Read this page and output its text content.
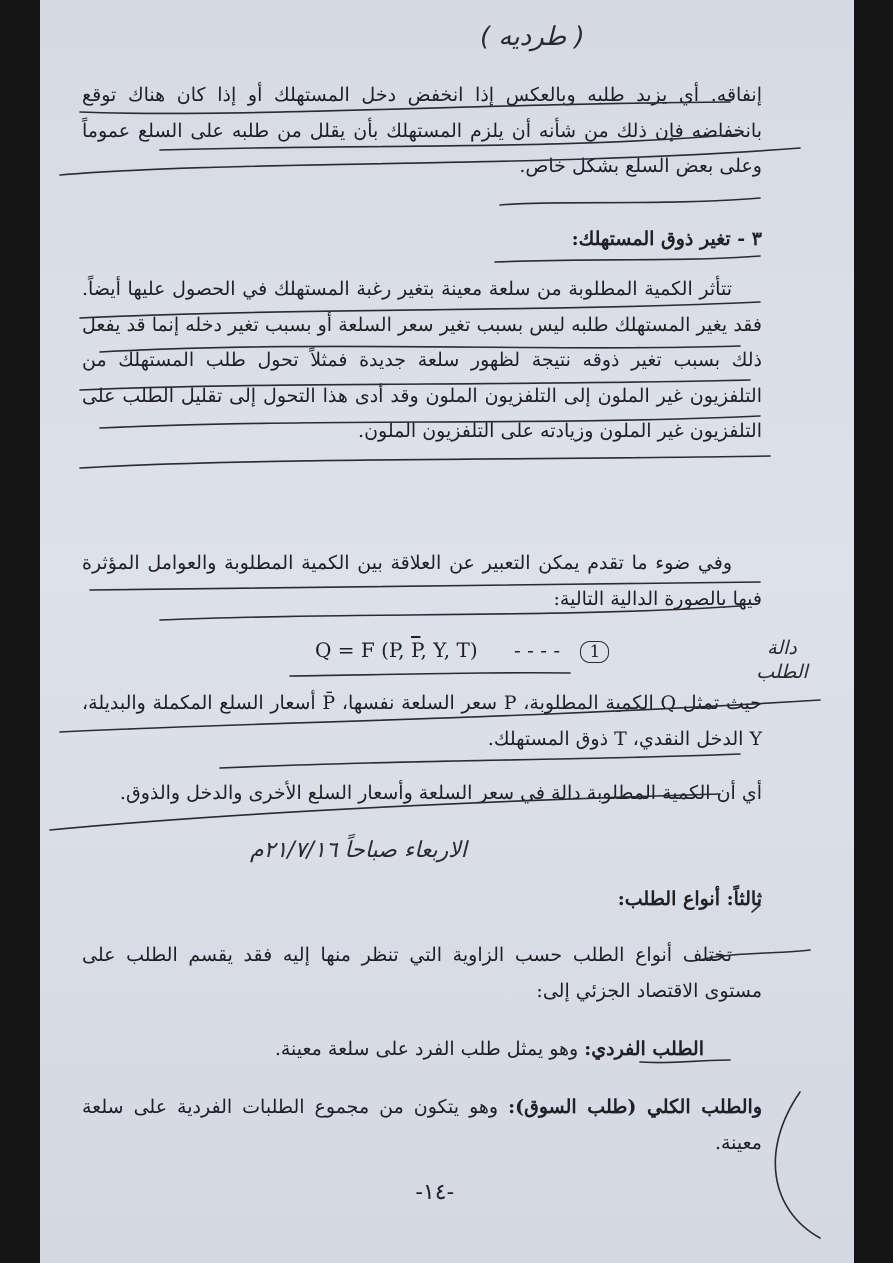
( طرديه )
إنفاقه. أي يزيد طلبه وبالعكس إذا انخفض دخل المستهلك أو إذا كان هناك توقع بانخفاضه فإن ذلك من شأنه أن يلزم المستهلك بأن يقلل من طلبه على السلع عموماً وعلى بعض السلع بشكل خاص.
٣ - تغير ذوق المستهلك:
تتأثر الكمية المطلوبة من سلعة معينة بتغير رغبة المستهلك في الحصول عليها أيضاً. فقد يغير المستهلك طلبه ليس بسبب تغير سعر السلعة أو بسبب تغير دخله إنما قد يفعل ذلك بسبب تغير ذوقه نتيجة لظهور سلعة جديدة فمثلاً تحول طلب المستهلك من التلفزيون غير الملون إلى التلفزيون الملون وقد أدى هذا التحول إلى تقليل الطلب على التلفزيون غير الملون وزيادته على التلفزيون الملون.
وفي ضوء ما تقدم يمكن التعبير عن العلاقة بين الكمية المطلوبة والعوامل المؤثرة فيها بالصورة الدالية التالية:
Q = F (P, $\overline{P}$, Y, T) - - - - 1	دالة الطلب
حيث تمثل Q الكمية المطلوبة، P سعر السلعة نفسها، P̄ أسعار السلع المكملة والبديلة، Y الدخل النقدي، T ذوق المستهلك.
أي أن الكمية المطلوبة دالة في سعر السلعة وأسعار السلع الأخرى والدخل والذوق.
الاربعاء صباحاً ٢١/٧/١٦م
ثالثاً: أنواع الطلب:
تختلف أنواع الطلب حسب الزاوية التي تنظر منها إليه فقد يقسم الطلب على مستوى الاقتصاد الجزئي إلى:
الطلب الفردي: وهو يمثل طلب الفرد على سلعة معينة.
والطلب الكلي (طلب السوق): وهو يتكون من مجموع الطلبات الفردية على سلعة معينة.
-١٤-
